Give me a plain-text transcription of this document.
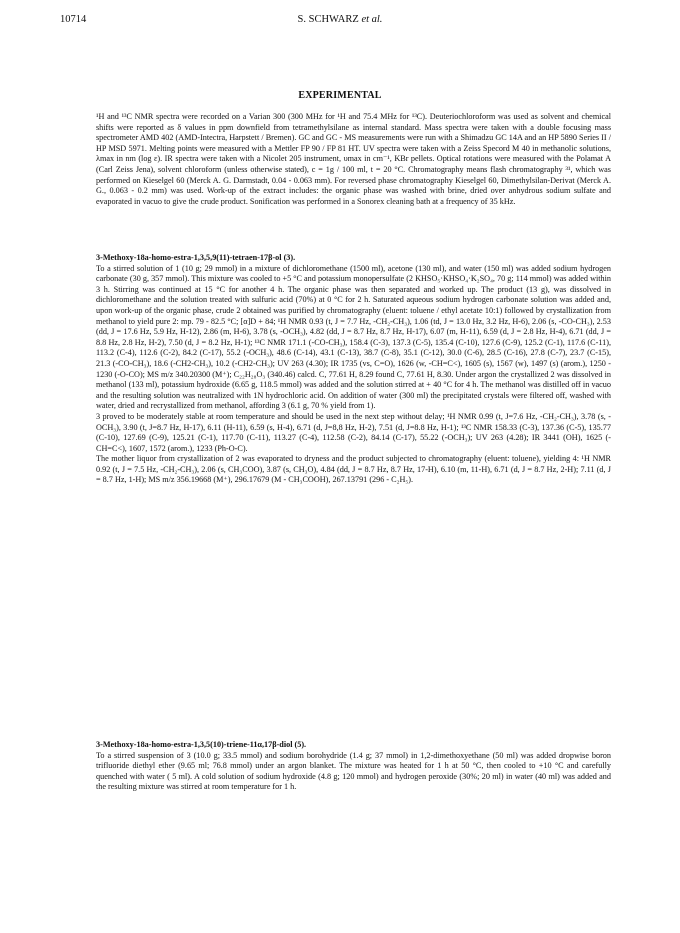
10714	S. SCHWARZ et al.
EXPERIMENTAL

¹H and ¹³C NMR spectra were recorded on a Varian 300 (300 MHz for ¹H and 75.4 MHz for ¹³C). Deuteriochloroform was used as solvent and chemical shifts were reported as δ values in ppm downfield from tetramethylsilane as internal standard. Mass spectra were taken with a double focusing mass spectrometer AMD 402 (AMD-Intectra, Harpstett / Bremen). GC and GC - MS measurements were run with a Shimadzu GC 14A and an HP 5890 Series II / HP MSD 5971. Melting points were measured with a Mettler FP 90 / FP 81 HT. UV spectra were taken with a Zeiss Specord M 40 in methanolic solutions, λmax in nm (log ε). IR spectra were taken with a Nicolet 205 instrument, υmax in cm⁻¹, KBr pellets. Optical rotations were measured with the Polamat A (Carl Zeiss Jena), solvent chloroform (unless otherwise stated), c = 1g / 100 ml, t = 20 °C. Chromatography means flash chromatography ³¹, which was performed on Kieselgel 60 (Merck A. G. Darmstadt, 0.04 - 0.063 mm). For reversed phase chromatography Kieselgel 60, Dimethylsilan-Derivat (Merck A. G., 0.063 - 0.2 mm) was used. Work-up of the extract includes: the organic phase was washed with brine, dried over anhydrous sodium sulfate and evaporated in vacuo to give the crude product. Sonification was performed in a Sonorex cleaning bath at a frequency of 35 kHz.

3-Methoxy-18a-homo-estra-1,3,5,9(11)-tetraen-17β-ol (3).

To a stirred solution of 1 (10 g; 29 mmol) in a mixture of dichloromethane (1500 ml), acetone (130 ml), and water (150 ml) was added sodium hydrogen carbonate (30 g, 357 mmol). This mixture was cooled to +5 °C and potassium monopersulfate (2 KHSO₅·KHSO₄·K₂SO₄, 70 g; 114 mmol) was added within 3 h. Stirring was continued at 15 °C for another 4 h. The organic phase was then separated and worked up. The product (13 g), was dissolved in dichloromethane and the solution treated with sulfuric acid (70%) at 0 °C for 2 h. Saturated aqueous sodium hydrogen carbonate solution was added and, upon work-up of the organic phase, crude 2 obtained was purified by chromatography (eluent: toluene / ethyl acetate 10:1) followed by crystallization from methanol to yield pure 2: mp. 79 - 82.5 °C; [α]D + 84; ¹H NMR 0.93 (t, J = 7.7 Hz, -CH₂-CH₃), 1.06 (td, J = 13.0 Hz, 3.2 Hz, H-6), 2.06 (s, -CO-CH₃), 2.53 (dd, J = 17.6 Hz, 5.9 Hz, H-12), 2.86 (m, H-6), 3.78 (s, -OCH₃), 4.82 (dd, J = 8.7 Hz, 8.7 Hz, H-17), 6.07 (m, H-11), 6.59 (d, J = 2.8 Hz, H-4), 6.71 (dd, J = 8.8 Hz, 2.8 Hz, H-2), 7.50 (d, J = 8.2 Hz, H-1); ¹³C NMR 171.1 (-CO-CH₃), 158.4 (C-3), 137.3 (C-5), 135.4 (C-10), 127.6 (C-9), 125.2 (C-1), 117.6 (C-11), 113.2 (C-4), 112.6 (C-2), 84.2 (C-17), 55.2 (-OCH₃), 48.6 (C-14), 43.1 (C-13), 38.7 (C-8), 35.1 (C-12), 30.0 (C-6), 28.5 (C-16), 27.8 (C-7), 23.7 (C-15), 21.3 (-CO-CH₃), 18.6 (-CH2-CH₃), 10.2 (-CH2-CH₃); UV 263 (4.30); IR 1735 (vs, C=O), 1626 (w, -CH=C<), 1605 (s), 1567 (w), 1497 (s) (arom.), 1250 - 1230 (-O-CO); MS m/z 340.20300 (M⁺); C₂₂H₂₈O₃ (340.46) calcd. C, 77.61 H, 8.29 found C, 77.61 H, 8.30. Under argon the crystallized 2 was dissolved in methanol (133 ml), potassium hydroxide (6.65 g, 118.5 mmol) was added and the solution stirred at + 40 °C for 4 h. The methanol was distilled off in vacuo and the resulting solution was neutralized with 1N hydrochloric acid. On addition of water (300 ml) the precipitated crystals were filtered off, washed with water, dried and recrystallized from methanol, affording 3 (6.1 g, 70 % yield from 1).

3 proved to be moderately stable at room temperature and should be used in the next step without delay; ¹H NMR 0.99 (t, J=7.6 Hz, -CH₂-CH₃), 3.78 (s, -OCH₃), 3.90 (t, J=8.7 Hz, H-17), 6.11 (H-11), 6.59 (s, H-4), 6.71 (d, J=8,8 Hz, H-2), 7.51 (d, J=8.8 Hz, H-1); ¹³C NMR 158.33 (C-3), 137.36 (C-5), 135.77 (C-10), 127.69 (C-9), 125.21 (C-1), 117.70 (C-11), 113.27 (C-4), 112.58 (C-2), 84.14 (C-17), 55.22 (-OCH₃); UV 263 (4.28); IR 3441 (OH), 1625 (-CH=C<), 1607, 1572 (arom.), 1233 (Ph-O-C).

The mother liquor from crystallization of 2 was evaporated to dryness and the product subjected to chromatography (eluent: toluene), yielding 4: ¹H NMR 0.92 (t, J = 7.5 Hz, -CH₂-CH₃), 2.06 (s, CH₃COO), 3.87 (s, CH₃O), 4.84 (dd, J = 8.7 Hz, 8.7 Hz, 17-H), 6.10 (m, 11-H), 6.71 (d, J = 8.7 Hz, 2-H); 7.11 (d, J = 8.7 Hz, 1-H); MS m/z 356.19668 (M⁺), 296.17679 (M - CH₃COOH), 267.13791 (296 - C₂H₅).

3-Methoxy-18a-homo-estra-1,3,5(10)-triene-11α,17β-diol (5).

To a stirred suspension of 3 (10.0 g; 33.5 mmol) and sodium borohydride (1.4 g; 37 mmol) in 1,2-dimethoxyethane (50 ml) was added dropwise boron trifluoride diethyl ether (9.65 ml; 76.8 mmol) under an argon blanket. The mixture was heated for 1 h at 50 °C, then cooled to +10 °C and carefully quenched with water ( 5 ml). A cold solution of sodium hydroxide (4.8 g; 120 mmol) and hydrogen peroxide (30%; 20 ml) in water (40 ml) was added and the resulting mixture was stirred at room temperature for 1 h.
